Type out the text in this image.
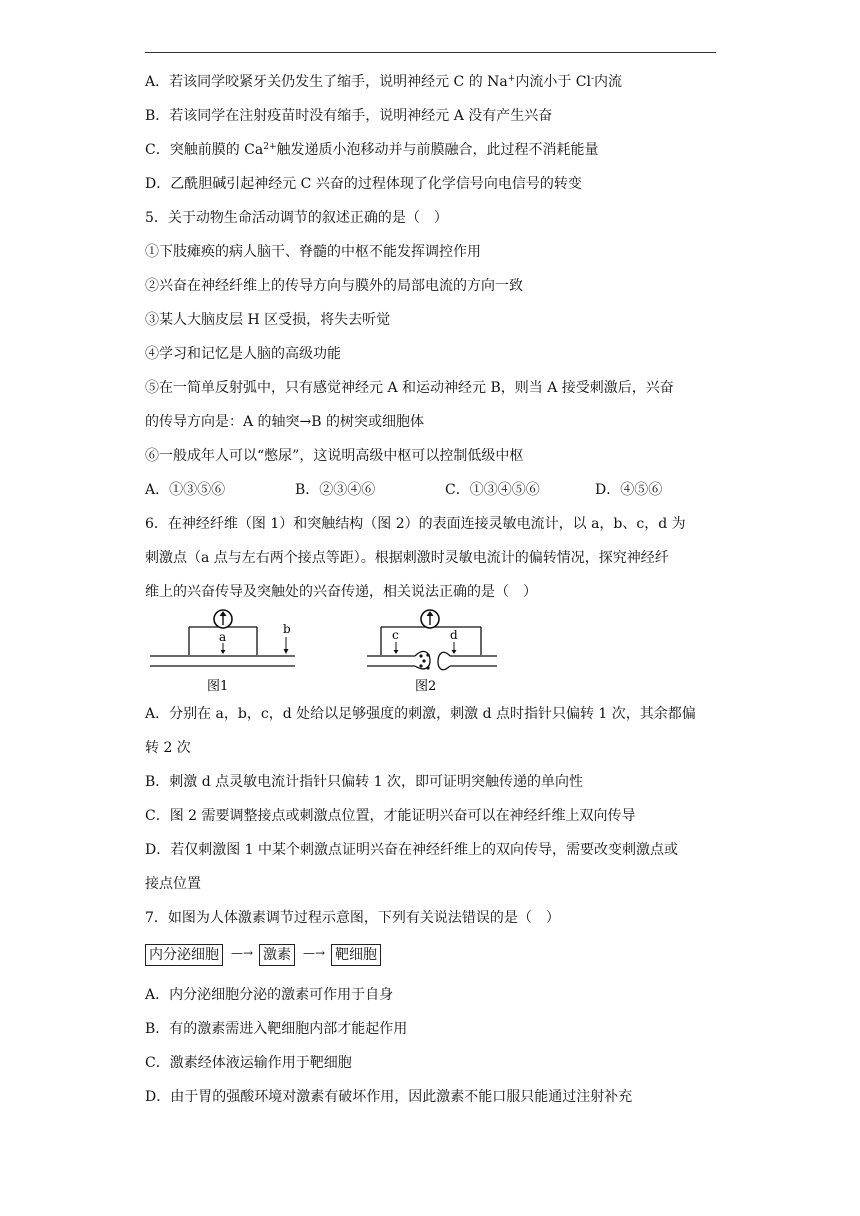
A．若该同学咬紧牙关仍发生了缩手，说明神经元 C 的 Na+内流小于 Cl-内流
B．若该同学在注射疫苗时没有缩手，说明神经元 A 没有产生兴奋
C．突触前膜的 $Ca^{2+}$触发递质小泡移动并与前膜融合，此过程不消耗能量
D．乙酰胆碱引起神经元 C 兴奋的过程体现了化学信号向电信号的转变
5．关于动物生命活动调节的叙述正确的是（　）
①下肢瘫痪的病人脑干、脊髓的中枢不能发挥调控作用
②兴奋在神经纤维上的传导方向与膜外的局部电流的方向一致
③某人大脑皮层 H 区受损，将失去听觉
④学习和记忆是人脑的高级功能
⑤在一简单反射弧中，只有感觉神经元 A 和运动神经元 B，则当 A 接受刺激后，兴奋
的传导方向是：A 的轴突→B 的树突或细胞体
⑥一般成年人可以“憋尿”，这说明高级中枢可以控制低级中枢
A．①③⑤⑥	B．②③④⑥	C．①③④⑤⑥	D．④⑤⑥
6．在神经纤维（图 1）和突触结构（图 2）的表面连接灵敏电流计，以 a，b、c，d 为
刺激点（a 点与左右两个接点等距）。根据刺激时灵敏电流计的偏转情况，探究神经纤
维上的兴奋传导及突触处的兴奋传递，相关说法正确的是（　）
a
b
图1
c	d
图2
A．分别在 a，b，c，d 处给以足够强度的刺激，刺激 d 点时指针只偏转 1 次，其余都偏
转 2 次
B．刺激 d 点灵敏电流计指针只偏转 1 次，即可证明突触传递的单向性
C．图 2 需要调整接点或刺激点位置，才能证明兴奋可以在神经纤维上双向传导
D．若仅刺激图 1 中某个刺激点证明兴奋在神经纤维上的双向传导，需要改变刺激点或
接点位置
7．如图为人体激素调节过程示意图，下列有关说法错误的是（　）
内分泌细胞	—→ 激素	—→ 靶细胞
A．内分泌细胞分泌的激素可作用于自身
B．有的激素需进入靶细胞内部才能起作用
C．激素经体液运输作用于靶细胞
D．由于胃的强酸环境对激素有破坏作用，因此激素不能口服只能通过注射补充
